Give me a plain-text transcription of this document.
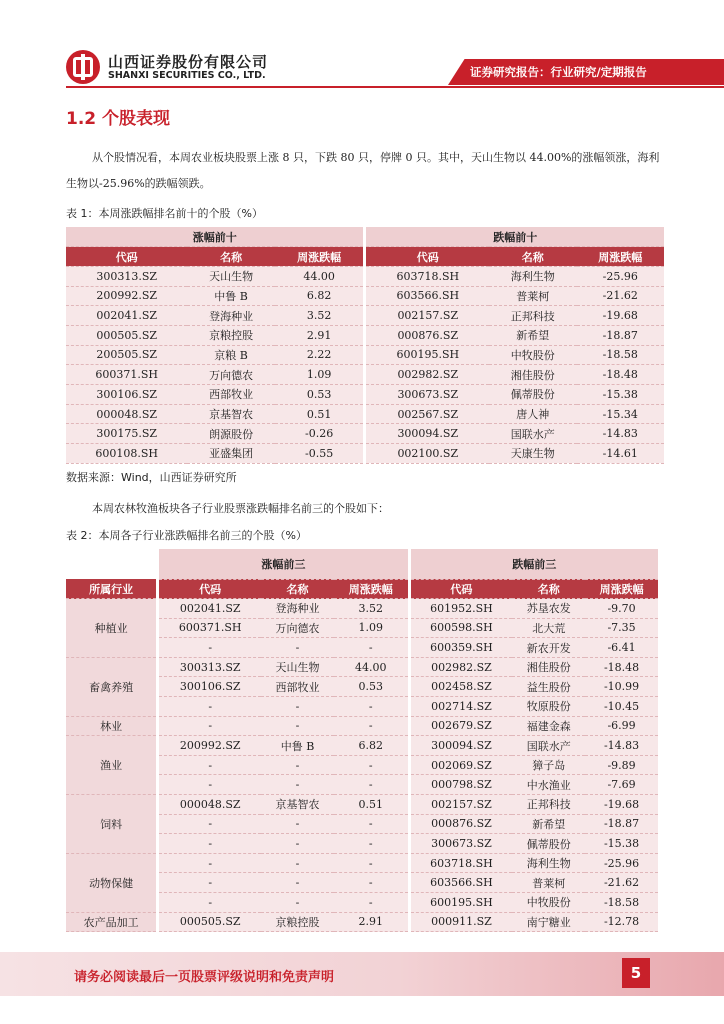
山西证券股份有限公司
SHANXI SECURITIES CO., LTD.	证券研究报告：行业研究/定期报告
1.2 个股表现
从个股情况看，本周农业板块股票上涨 8 只，下跌 80 只，停牌 0 只。其中，天山生物以 44.00%的涨幅领涨，海利生物以-25.96%的跌幅领跌。
表 1：本周涨跌幅排名前十的个股（%）
涨幅前十			跌幅前十		
代码	名称	周涨跌幅	代码	名称	周涨跌幅
300313.SZ	天山生物	44.00	603718.SH	海利生物	-25.96
200992.SZ	中鲁 B	6.82	603566.SH	普莱柯	-21.62
002041.SZ	登海种业	3.52	002157.SZ	正邦科技	-19.68
000505.SZ	京粮控股	2.91	000876.SZ	新希望	-18.87
200505.SZ	京粮 B	2.22	600195.SH	中牧股份	-18.58
600371.SH	万向德农	1.09	002982.SZ	湘佳股份	-18.48
300106.SZ	西部牧业	0.53	300673.SZ	佩蒂股份	-15.38
000048.SZ	京基智农	0.51	002567.SZ	唐人神	-15.34
300175.SZ	朗源股份	-0.26	300094.SZ	国联水产	-14.83
600108.SH	亚盛集团	-0.55	002100.SZ	天康生物	-14.61
数据来源：Wind，山西证券研究所
本周农林牧渔板块各子行业股票涨跌幅排名前三的个股如下：
表 2：本周各子行业涨跌幅排名前三的个股（%）
	涨幅前三			跌幅前三		
所属行业	代码	名称	周涨跌幅	代码	名称	周涨跌幅
种植业	002041.SZ	登海种业	3.52	601952.SH	苏垦农发	-9.70
	600371.SH	万向德农	1.09	600598.SH	北大荒	-7.35
	-	-	-	600359.SH	新农开发	-6.41
畜禽养殖	300313.SZ	天山生物	44.00	002982.SZ	湘佳股份	-18.48
	300106.SZ	西部牧业	0.53	002458.SZ	益生股份	-10.99
	-	-	-	002714.SZ	牧原股份	-10.45
林业	-	-	-	002679.SZ	福建金森	-6.99
渔业	200992.SZ	中鲁 B	6.82	300094.SZ	国联水产	-14.83
	-	-	-	002069.SZ	獐子岛	-9.89
	-	-	-	000798.SZ	中水渔业	-7.69
饲料	000048.SZ	京基智农	0.51	002157.SZ	正邦科技	-19.68
	-	-	-	000876.SZ	新希望	-18.87
	-	-	-	300673.SZ	佩蒂股份	-15.38
动物保健	-	-	-	603718.SH	海利生物	-25.96
	-	-	-	603566.SH	普莱柯	-21.62
	-	-	-	600195.SH	中牧股份	-18.58
农产品加工	000505.SZ	京粮控股	2.91	000911.SZ	南宁糖业	-12.78
请务必阅读最后一页股票评级说明和免责声明	5
